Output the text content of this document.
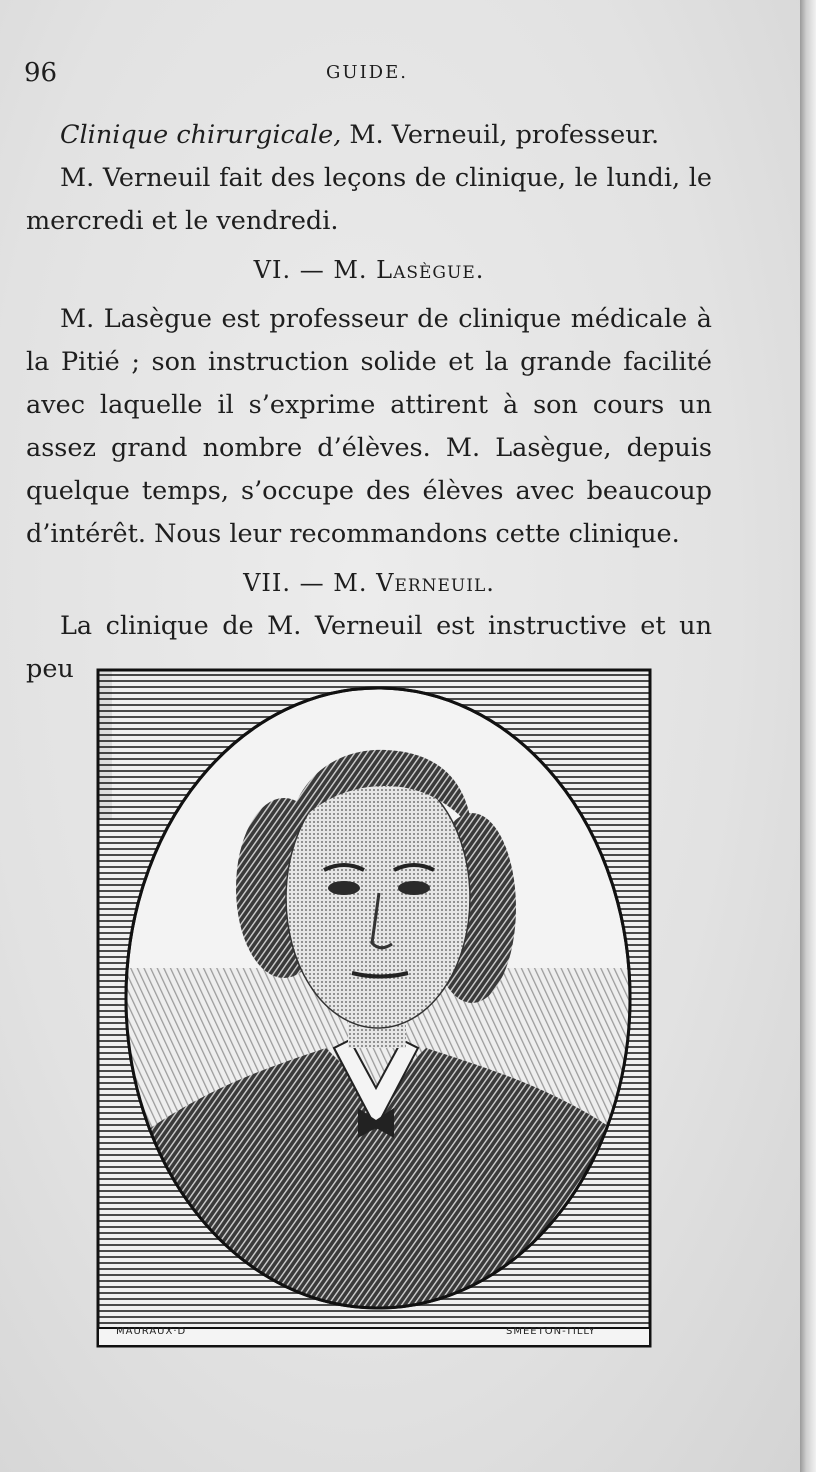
96	GUIDE.
Clinique chirurgicale, M. Verneuil, professeur.
M. Verneuil fait des leçons de clinique, le lundi, le mercredi et le vendredi.
VI. — M. Lasègue.
M. Lasègue est professeur de clinique médicale à la Pitié ; son instruction solide et la grande facilité avec laquelle il s’exprime attirent à son cours un assez grand nombre d’élèves. M. Lasègue, depuis quelque temps, s’occupe des élèves avec beaucoup d’intérêt. Nous leur recommandons cette clinique.
VII. — M. Verneuil.
La clinique de M. Verneuil est instructive et un peu
MAURAUX·D	SMEETON-TILLY
